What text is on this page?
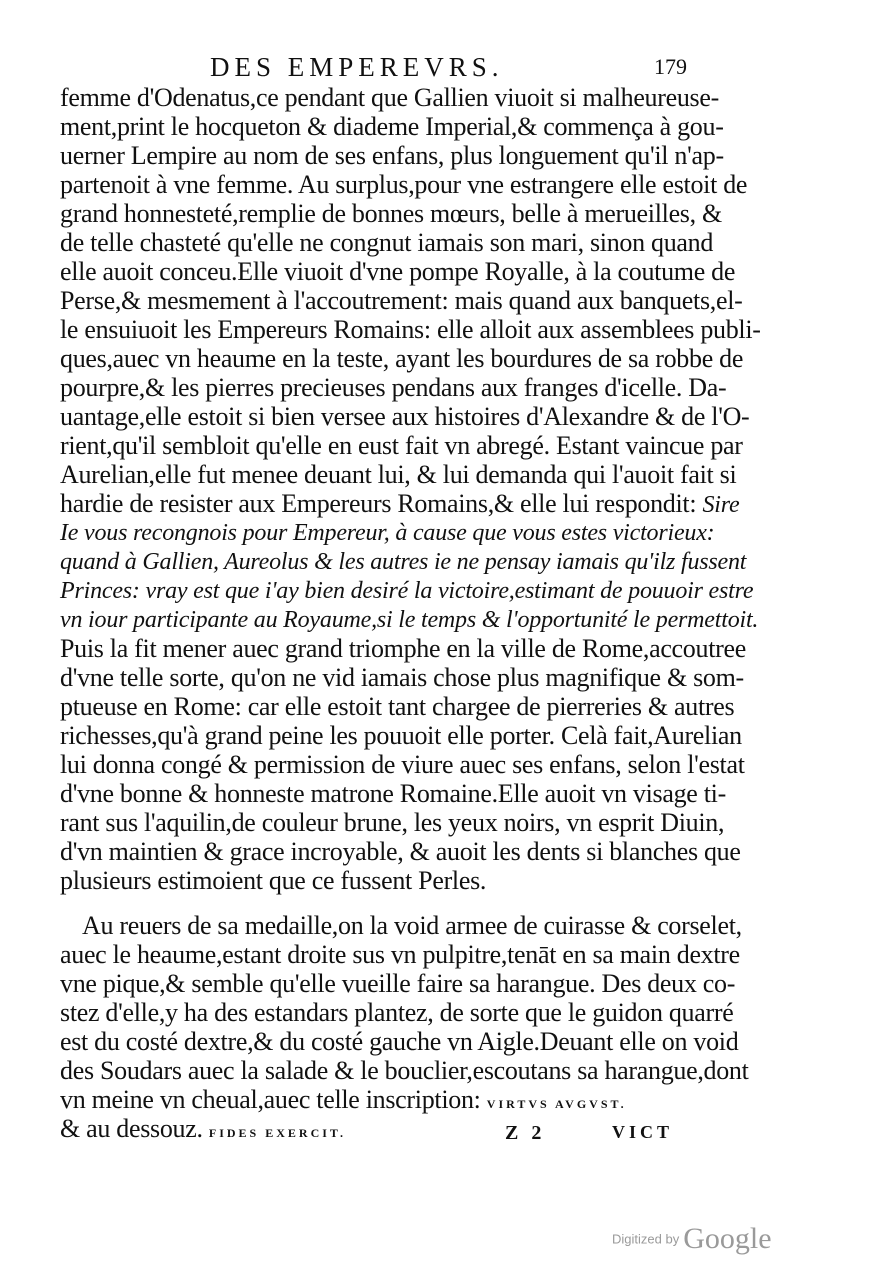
DES EMPEREVRS.	179
femme d'Odenatus,ce pendant que Gallien viuoit si malheureuse-
ment,print le hocqueton & diademe Imperial,& commença à gou-
uerner Lempire au nom de ses enfans, plus longuement qu'il n'ap-
partenoit à vne femme. Au surplus,pour vne estrangere elle estoit de
grand honnesteté,remplie de bonnes mœurs, belle à merueilles, &
de telle chasteté qu'elle ne congnut iamais son mari, sinon quand
elle auoit conceu.Elle viuoit d'vne pompe Royalle, à la coutume de
Perse,& mesmement à l'accoutrement: mais quand aux banquets,el-
le ensuiuoit les Empereurs Romains: elle alloit aux assemblees publi-
ques,auec vn heaume en la teste, ayant les bourdures de sa robbe de
pourpre,& les pierres precieuses pendans aux franges d'icelle. Da-
uantage,elle estoit si bien versee aux histoires d'Alexandre & de l'O-
rient,qu'il sembloit qu'elle en eust fait vn abregé. Estant vaincue par
Aurelian,elle fut menee deuant lui, & lui demanda qui l'auoit fait si
hardie de resister aux Empereurs Romains,& elle lui respondit: Sire
Ie vous recongnois pour Empereur, à cause que vous estes victorieux:
quand à Gallien, Aureolus & les autres ie ne pensay iamais qu'ilz fussent
Princes: vray est que i'ay bien desiré la victoire,estimant de pouuoir estre
vn iour participante au Royaume,si le temps & l'opportunité le permettoit.
Puis la fit mener auec grand triomphe en la ville de Rome,accoutree
d'vne telle sorte, qu'on ne vid iamais chose plus magnifique & som-
ptueuse en Rome: car elle estoit tant chargee de pierreries & autres
richesses,qu'à grand peine les pouuoit elle porter. Celà fait,Aurelian
lui donna congé & permission de viure auec ses enfans, selon l'estat
d'vne bonne & honneste matrone Romaine.Elle auoit vn visage ti-
rant sus l'aquilin,de couleur brune, les yeux noirs, vn esprit Diuin,
d'vn maintien & grace incroyable, & auoit les dents si blanches que
plusieurs estimoient que ce fussent Perles.
Au reuers de sa medaille,on la void armee de cuirasse & corselet,
auec le heaume,estant droite sus vn pulpitre,tenāt en sa main dextre
vne pique,& semble qu'elle vueille faire sa harangue. Des deux co-
stez d'elle,y ha des estandars plantez, de sorte que le guidon quarré
est du costé dextre,& du costé gauche vn Aigle.Deuant elle on void
des Soudars auec la salade & le bouclier,escoutans sa harangue,dont
vn meine vn cheual,auec telle inscription: VIRTVS AVGVST.
& au dessouz. FIDES EXERCIT.	Z 2	VICT
Digitized by Google
